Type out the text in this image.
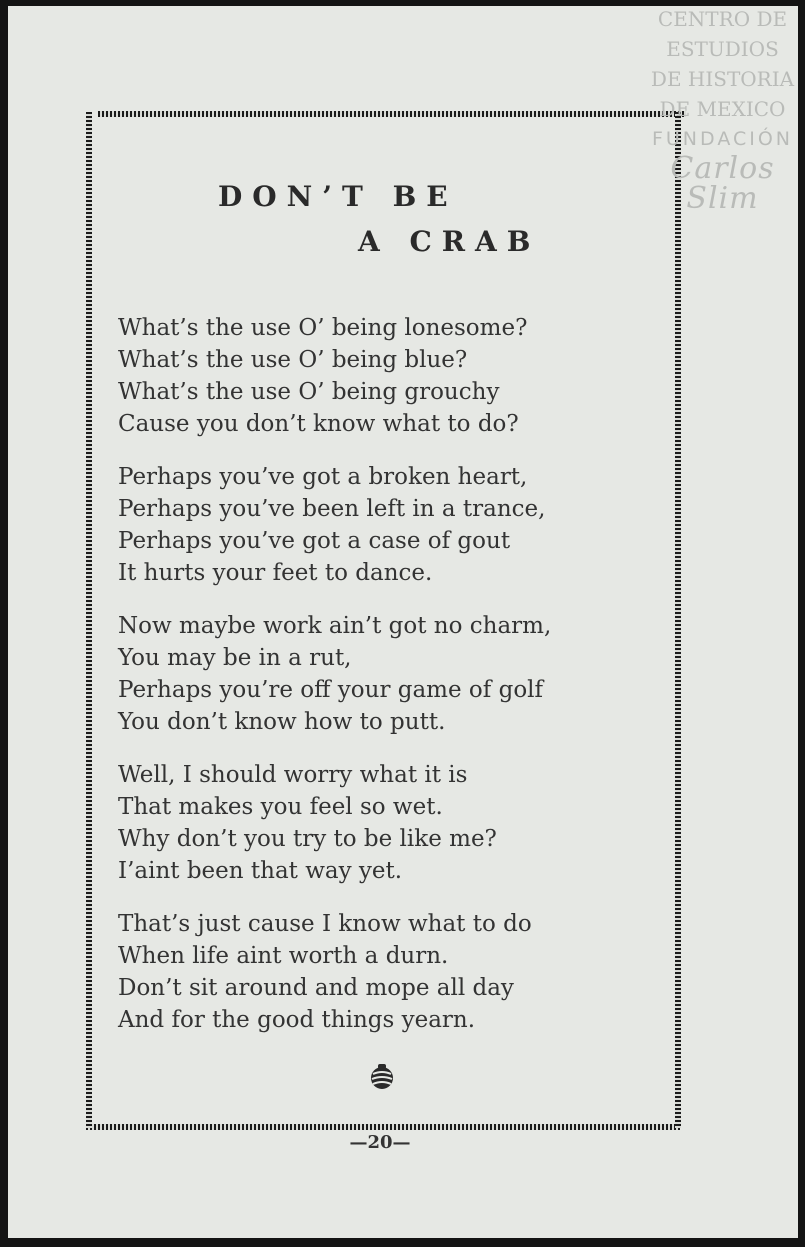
CENTRO DE
ESTUDIOS
DE HISTORIA
DE MEXICO
FUNDACIÓN
Carlos Slim
DON’T BE
A CRAB
What’s the use O’ being lonesome?
What’s the use O’ being blue?
What’s the use O’ being grouchy
Cause you don’t know what to do?
Perhaps you’ve got a broken heart,
Perhaps you’ve been left in a trance,
Perhaps you’ve got a case of gout
It hurts your feet to dance.
Now maybe work ain’t got no charm,
You may be in a rut,
Perhaps you’re off your game of golf
You don’t know how to putt.
Well, I should worry what it is
That makes you feel so wet.
Why don’t you try to be like me?
I’aint been that way yet.
That’s just cause I know what to do
When life aint worth a durn.
Don’t sit around and mope all day
And for the good things yearn.
—20—
